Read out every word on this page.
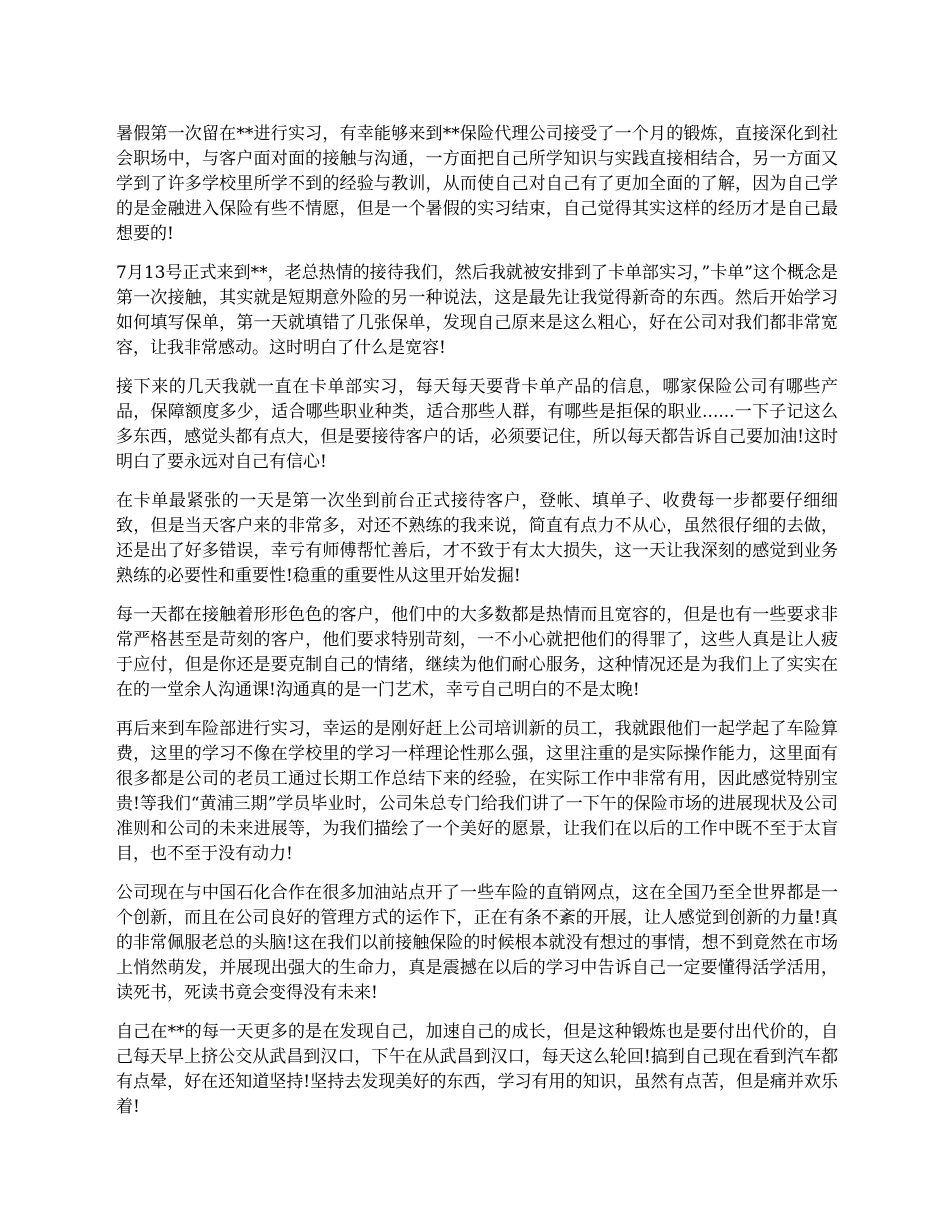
暑假第一次留在**进行实习，有幸能够来到**保险代理公司接受了一个月的锻炼，直接深化到社会职场中，与客户面对面的接触与沟通，一方面把自己所学知识与实践直接相结合，另一方面又学到了许多学校里所学不到的经验与教训，从而使自己对自己有了更加全面的了解，因为自己学的是金融进入保险有些不情愿，但是一个暑假的实习结束，自己觉得其实这样的经历才是自己最想要的!

7月13号正式来到**，老总热情的接待我们，然后我就被安排到了卡单部实习，”卡单”这个概念是第一次接触，其实就是短期意外险的另一种说法，这是最先让我觉得新奇的东西。然后开始学习如何填写保单，第一天就填错了几张保单，发现自己原来是这么粗心，好在公司对我们都非常宽容，让我非常感动。这时明白了什么是宽容!

接下来的几天我就一直在卡单部实习，每天每天要背卡单产品的信息，哪家保险公司有哪些产品，保障额度多少，适合哪些职业种类，适合那些人群，有哪些是拒保的职业......一下子记这么多东西，感觉头都有点大，但是要接待客户的话，必须要记住，所以每天都告诉自己要加油!这时明白了要永远对自己有信心!

在卡单最紧张的一天是第一次坐到前台正式接待客户，登帐、填单子、收费每一步都要仔细细致，但是当天客户来的非常多，对还不熟练的我来说，简直有点力不从心，虽然很仔细的去做，还是出了好多错误，幸亏有师傅帮忙善后，才不致于有太大损失，这一天让我深刻的感觉到业务熟练的必要性和重要性!稳重的重要性从这里开始发掘!

每一天都在接触着形形色色的客户，他们中的大多数都是热情而且宽容的，但是也有一些要求非常严格甚至是苛刻的客户，他们要求特别苛刻，一不小心就把他们的得罪了，这些人真是让人疲于应付，但是你还是要克制自己的情绪，继续为他们耐心服务，这种情况还是为我们上了实实在在的一堂余人沟通课!沟通真的是一门艺术，幸亏自己明白的不是太晚!

再后来到车险部进行实习，幸运的是刚好赶上公司培训新的员工，我就跟他们一起学起了车险算费，这里的学习不像在学校里的学习一样理论性那么强，这里注重的是实际操作能力，这里面有很多都是公司的老员工通过长期工作总结下来的经验，在实际工作中非常有用，因此感觉特别宝贵!等我们“黄浦三期”学员毕业时，公司朱总专门给我们讲了一下午的保险市场的进展现状及公司准则和公司的未来进展等，为我们描绘了一个美好的愿景，让我们在以后的工作中既不至于太盲目，也不至于没有动力!

公司现在与中国石化合作在很多加油站点开了一些车险的直销网点，这在全国乃至全世界都是一个创新，而且在公司良好的管理方式的运作下，正在有条不紊的开展，让人感觉到创新的力量!真的非常佩服老总的头脑!这在我们以前接触保险的时候根本就没有想过的事情，想不到竟然在市场上悄然萌发，并展现出强大的生命力，真是震撼在以后的学习中告诉自己一定要懂得活学活用，读死书，死读书竟会变得没有未来!

自己在**的每一天更多的是在发现自己，加速自己的成长，但是这种锻炼也是要付出代价的，自己每天早上挤公交从武昌到汉口，下午在从武昌到汉口，每天这么轮回!搞到自己现在看到汽车都有点晕，好在还知道坚持!坚持去发现美好的东西，学习有用的知识，虽然有点苦，但是痛并欢乐着!
